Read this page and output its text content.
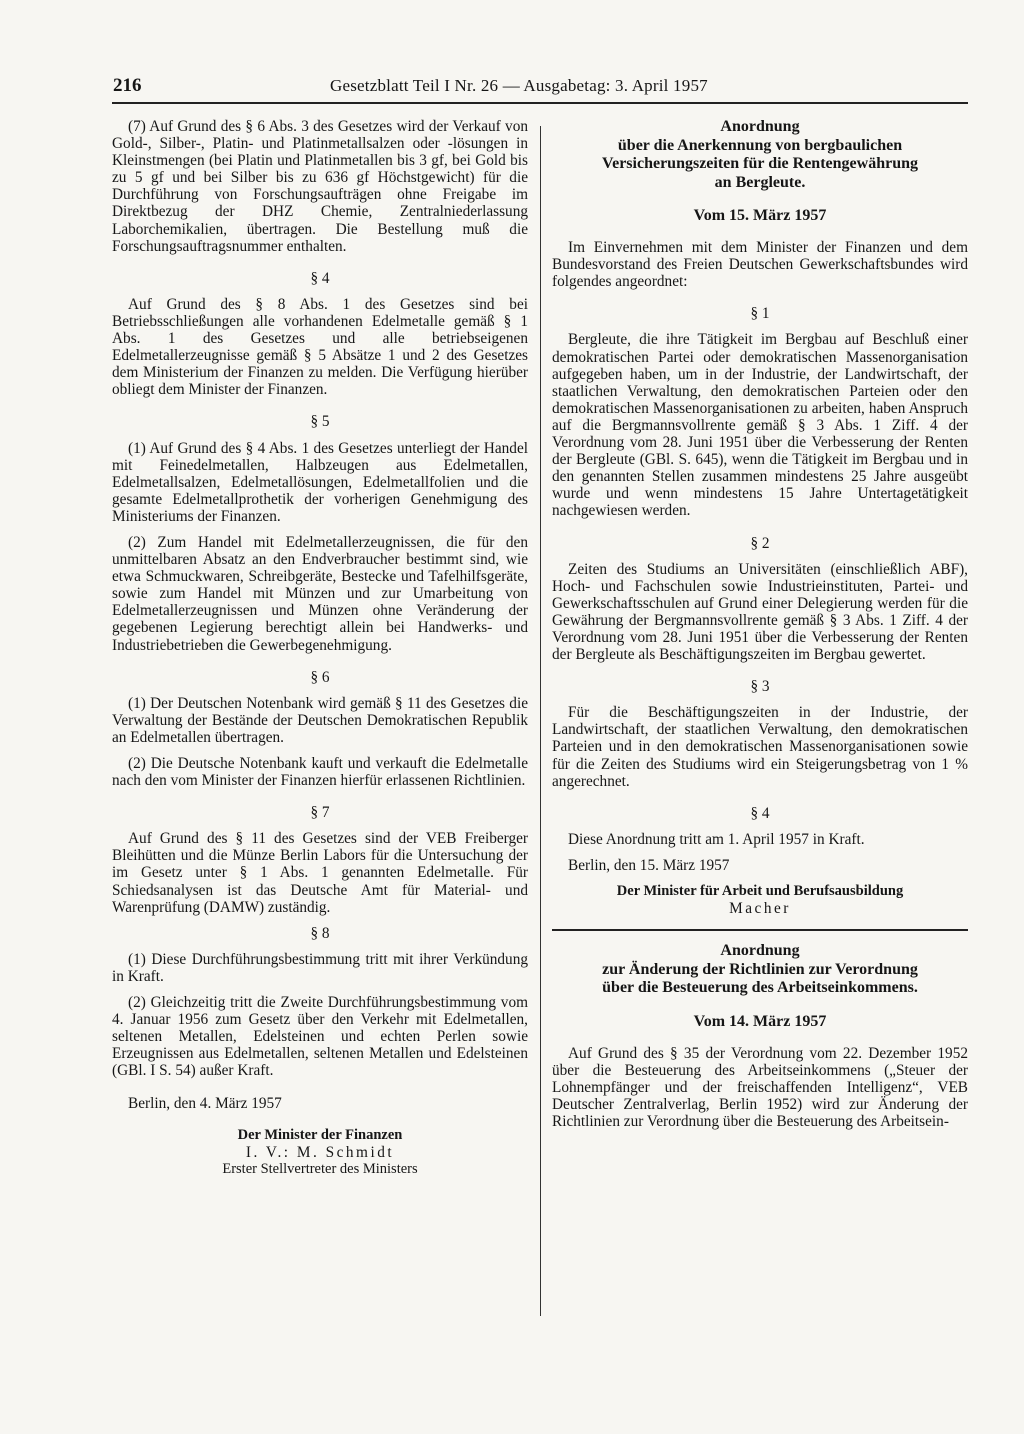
216	Gesetzblatt Teil I Nr. 26 — Ausgabetag: 3. April 1957

(7) Auf Grund des § 6 Abs. 3 des Gesetzes wird der Verkauf von Gold-, Silber-, Platin- und Platinmetallsalzen oder -lösungen in Kleinstmengen (bei Platin und Platinmetallen bis 3 gf, bei Gold bis zu 5 gf und bei Silber bis zu 636 gf Höchstgewicht) für die Durchführung von Forschungsaufträgen ohne Freigabe im Direktbezug der DHZ Chemie, Zentralniederlassung Laborchemikalien, übertragen. Die Bestellung muß die Forschungsauftragsnummer enthalten.

§ 4

Auf Grund des § 8 Abs. 1 des Gesetzes sind bei Betriebsschließungen alle vorhandenen Edelmetalle gemäß § 1 Abs. 1 des Gesetzes und alle betriebseigenen Edelmetallerzeugnisse gemäß § 5 Absätze 1 und 2 des Gesetzes dem Ministerium der Finanzen zu melden. Die Verfügung hierüber obliegt dem Minister der Finanzen.

§ 5

(1) Auf Grund des § 4 Abs. 1 des Gesetzes unterliegt der Handel mit Feinedelmetallen, Halbzeugen aus Edelmetallen, Edelmetallsalzen, Edelmetallösungen, Edelmetallfolien und die gesamte Edelmetallprothetik der vorherigen Genehmigung des Ministeriums der Finanzen.

(2) Zum Handel mit Edelmetallerzeugnissen, die für den unmittelbaren Absatz an den Endverbraucher bestimmt sind, wie etwa Schmuckwaren, Schreibgeräte, Bestecke und Tafelhilfsgeräte, sowie zum Handel mit Münzen und zur Umarbeitung von Edelmetallerzeugnissen und Münzen ohne Veränderung der gegebenen Legierung berechtigt allein bei Handwerks- und Industriebetrieben die Gewerbegenehmigung.

§ 6

(1) Der Deutschen Notenbank wird gemäß § 11 des Gesetzes die Verwaltung der Bestände der Deutschen Demokratischen Republik an Edelmetallen übertragen.

(2) Die Deutsche Notenbank kauft und verkauft die Edelmetalle nach den vom Minister der Finanzen hierfür erlassenen Richtlinien.

§ 7

Auf Grund des § 11 des Gesetzes sind der VEB Freiberger Bleihütten und die Münze Berlin Labors für die Untersuchung der im Gesetz unter § 1 Abs. 1 genannten Edelmetalle. Für Schiedsanalysen ist das Deutsche Amt für Material- und Warenprüfung (DAMW) zuständig.

§ 8

(1) Diese Durchführungsbestimmung tritt mit ihrer Verkündung in Kraft.

(2) Gleichzeitig tritt die Zweite Durchführungsbestimmung vom 4. Januar 1956 zum Gesetz über den Verkehr mit Edelmetallen, seltenen Metallen, Edelsteinen und echten Perlen sowie Erzeugnissen aus Edelmetallen, seltenen Metallen und Edelsteinen (GBl. I S. 54) außer Kraft.

Berlin, den 4. März 1957

Der Minister der Finanzen

I. V.: M. Schmidt

Erster Stellvertreter des Ministers

Anordnung

über die Anerkennung von bergbaulichen

Versicherungszeiten für die Rentengewährung

an Bergleute.

Vom 15. März 1957

Im Einvernehmen mit dem Minister der Finanzen und dem Bundesvorstand des Freien Deutschen Gewerkschaftsbundes wird folgendes angeordnet:

§ 1

Bergleute, die ihre Tätigkeit im Bergbau auf Beschluß einer demokratischen Partei oder demokratischen Massenorganisation aufgegeben haben, um in der Industrie, der Landwirtschaft, der staatlichen Verwaltung, den demokratischen Parteien oder den demokratischen Massenorganisationen zu arbeiten, haben Anspruch auf die Bergmannsvollrente gemäß § 3 Abs. 1 Ziff. 4 der Verordnung vom 28. Juni 1951 über die Verbesserung der Renten der Bergleute (GBl. S. 645), wenn die Tätigkeit im Bergbau und in den genannten Stellen zusammen mindestens 25 Jahre ausgeübt wurde und wenn mindestens 15 Jahre Untertagetätigkeit nachgewiesen werden.

§ 2

Zeiten des Studiums an Universitäten (einschließlich ABF), Hoch- und Fachschulen sowie Industrieinstituten, Partei- und Gewerkschaftsschulen auf Grund einer Delegierung werden für die Gewährung der Bergmannsvollrente gemäß § 3 Abs. 1 Ziff. 4 der Verordnung vom 28. Juni 1951 über die Verbesserung der Renten der Bergleute als Beschäftigungszeiten im Bergbau gewertet.

§ 3

Für die Beschäftigungszeiten in der Industrie, der Landwirtschaft, der staatlichen Verwaltung, den demokratischen Parteien und in den demokratischen Massenorganisationen sowie für die Zeiten des Studiums wird ein Steigerungsbetrag von 1 % angerechnet.

§ 4

Diese Anordnung tritt am 1. April 1957 in Kraft.

Berlin, den 15. März 1957

Der Minister für Arbeit und Berufsausbildung

Macher

Anordnung

zur Änderung der Richtlinien zur Verordnung

über die Besteuerung des Arbeitseinkommens.

Vom 14. März 1957

Auf Grund des § 35 der Verordnung vom 22. Dezember 1952 über die Besteuerung des Arbeitseinkommens („Steuer der Lohnempfänger und der freischaffenden Intelligenz“, VEB Deutscher Zentralverlag, Berlin 1952) wird zur Änderung der Richtlinien zur Verordnung über die Besteuerung des Arbeitsein-
